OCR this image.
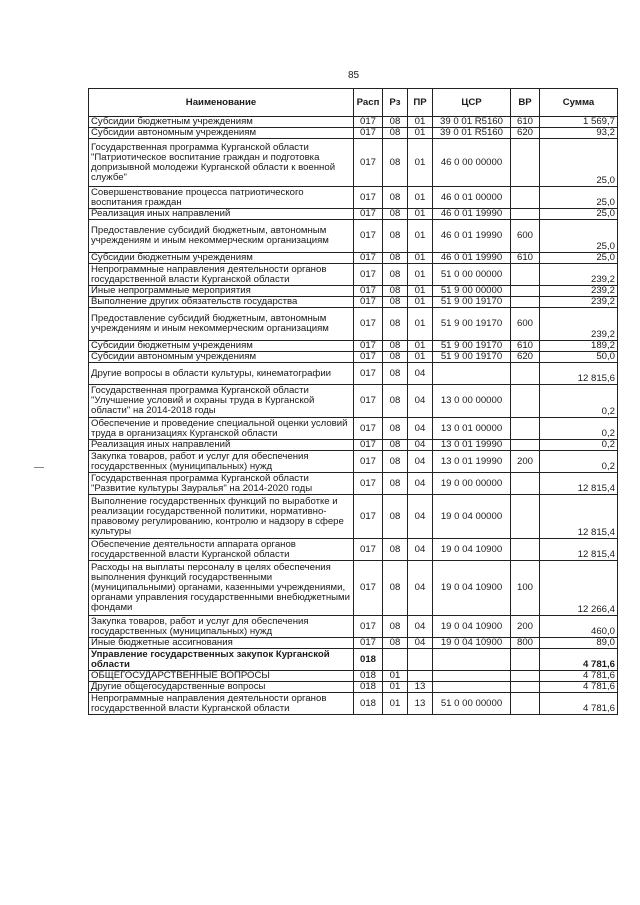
85
Наименование	Расп	Рз	ПР	ЦСР	ВР	Сумма
Субсидии бюджетным учреждениям	017	08	01	39 0 01 R5160	610	1 569,7
Субсидии автономным учреждениям	017	08	01	39 0 01 R5160	620	93,2
Государственная программа Курганской области "Патриотическое воспитание граждан и подготовка допризывной молодежи Курганской области к военной службе"	017	08	01	46 0 00 00000		25,0
Совершенствование процесса патриотического воспитания граждан	017	08	01	46 0 01 00000		25,0
Реализация иных направлений	017	08	01	46 0 01 19990		25,0
Предоставление субсидий бюджетным, автономным учреждениям и иным некоммерческим организациям	017	08	01	46 0 01 19990	600	25,0
Субсидии бюджетным учреждениям	017	08	01	46 0 01 19990	610	25,0
Непрограммные направления деятельности органов государственной власти Курганской области	017	08	01	51 0 00 00000		239,2
Иные непрограммные мероприятия	017	08	01	51 9 00 00000		239,2
Выполнение других обязательств государства	017	08	01	51 9 00 19170		239,2
Предоставление субсидий бюджетным, автономным учреждениям и иным некоммерческим организациям	017	08	01	51 9 00 19170	600	239,2
Субсидии бюджетным учреждениям	017	08	01	51 9 00 19170	610	189,2
Субсидии автономным учреждениям	017	08	01	51 9 00 19170	620	50,0
Другие вопросы в области культуры, кинематографии	017	08	04			12 815,6
Государственная программа Курганской области "Улучшение условий и охраны труда в Курганской области" на 2014-2018 годы	017	08	04	13 0 00 00000		0,2
Обеспечение и проведение специальной оценки условий труда в организациях Курганской области	017	08	04	13 0 01 00000		0,2
Реализация иных направлений	017	08	04	13 0 01 19990		0,2
Закупка товаров, работ и услуг для обеспечения государственных (муниципальных) нужд	017	08	04	13 0 01 19990	200	0,2
Государственная программа Курганской области "Развитие культуры Зауралья" на 2014-2020 годы	017	08	04	19 0 00 00000		12 815,4
Выполнение государственных функций по выработке и реализации государственной политики, нормативно-правовому регулированию, контролю и надзору в сфере культуры	017	08	04	19 0 04 00000		12 815,4
Обеспечение деятельности аппарата органов государственной власти Курганской области	017	08	04	19 0 04 10900		12 815,4
Расходы на выплаты персоналу в целях обеспечения выполнения функций государственными (муниципальными) органами, казенными учреждениями, органами управления государственными внебюджетными фондами	017	08	04	19 0 04 10900	100	12 266,4
Закупка товаров, работ и услуг для обеспечения государственных (муниципальных) нужд	017	08	04	19 0 04 10900	200	460,0
Иные бюджетные ассигнования	017	08	04	19 0 04 10900	800	89,0
Управление государственных закупок Курганской области	018					4 781,6
ОБЩЕГОСУДАРСТВЕННЫЕ ВОПРОСЫ	018	01				4 781,6
Другие общегосударственные вопросы	018	01	13			4 781,6
Непрограммные направления деятельности органов государственной власти Курганской области	018	01	13	51 0 00 00000		4 781,6
